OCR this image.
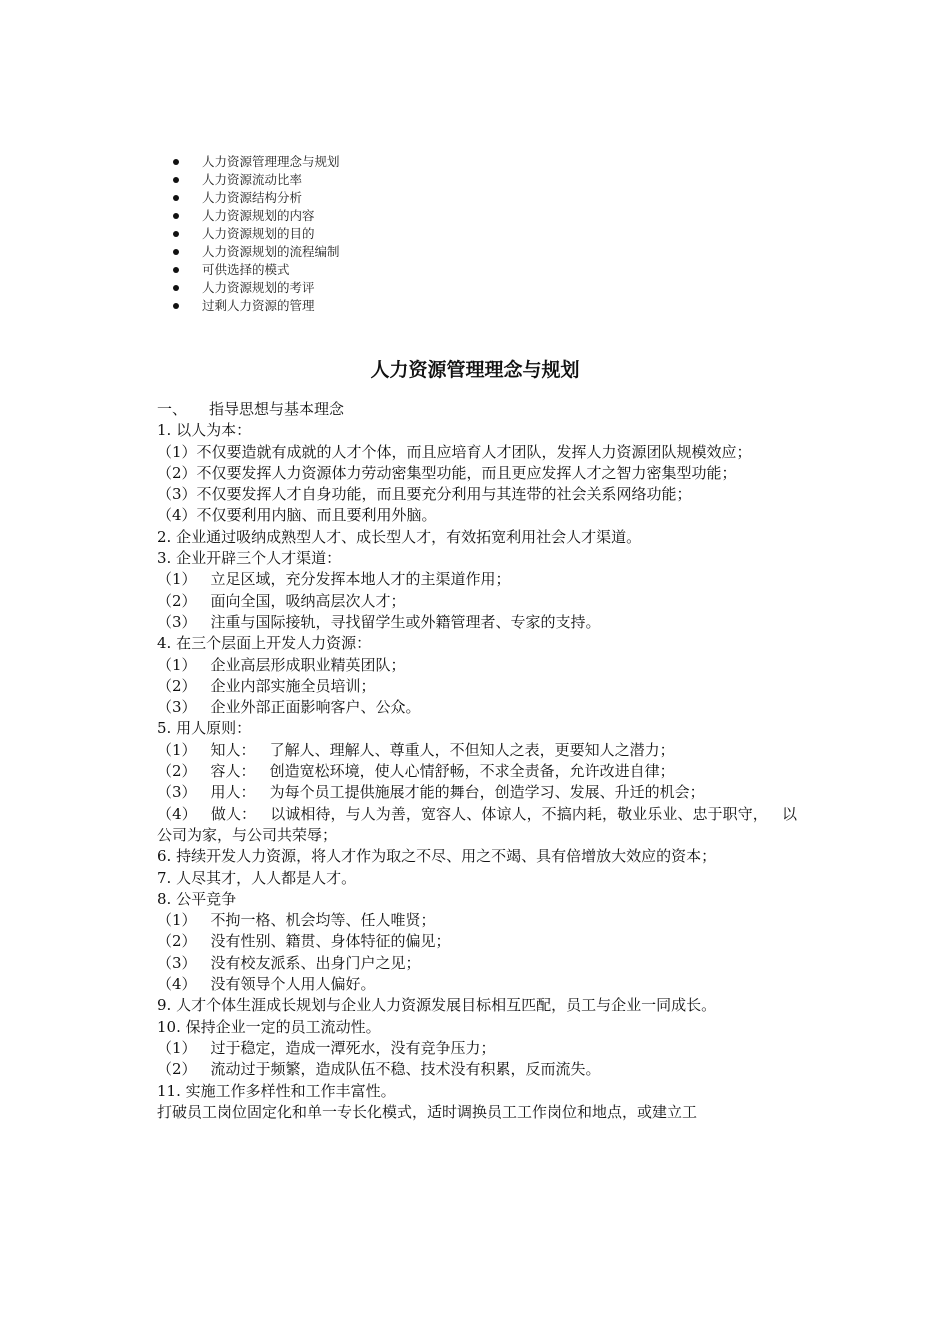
人力资源管理理念与规划
人力资源流动比率
人力资源结构分析
人力资源规划的内容
人力资源规划的目的
人力资源规划的流程编制
可供选择的模式
人力资源规划的考评
过剩人力资源的管理
人力资源管理理念与规划

一、 指导思想与基本理念

1. 以人为本：

（1）不仅要造就有成就的人才个体，而且应培育人才团队，发挥人力资源团队规模效应；

（2）不仅要发挥人力资源体力劳动密集型功能，而且更应发挥人才之智力密集型功能；

（3）不仅要发挥人才自身功能，而且要充分利用与其连带的社会关系网络功能；

（4）不仅要利用内脑、而且要利用外脑。

2. 企业通过吸纳成熟型人才、成长型人才，有效拓宽利用社会人才渠道。

3. 企业开辟三个人才渠道：

（1） 立足区域，充分发挥本地人才的主渠道作用；

（2） 面向全国，吸纳高层次人才；

（3） 注重与国际接轨，寻找留学生或外籍管理者、专家的支持。

4. 在三个层面上开发人力资源：

（1） 企业高层形成职业精英团队；

（2） 企业内部实施全员培训；

（3） 企业外部正面影响客户、公众。

5. 用人原则：

（1） 知人： 了解人、理解人、尊重人，不但知人之表，更要知人之潜力；

（2） 容人： 创造宽松环境，使人心情舒畅，不求全责备，允许改进自律；

（3） 用人： 为每个员工提供施展才能的舞台，创造学习、发展、升迁的机会；

（4） 做人： 以诚相待，与人为善，宽容人、体谅人，不搞内耗，敬业乐业、忠于职守， 以公司为家，与公司共荣辱；

6. 持续开发人力资源，将人才作为取之不尽、用之不竭、具有倍增放大效应的资本；

7. 人尽其才，人人都是人才。

8. 公平竞争

（1） 不拘一格、机会均等、任人唯贤；

（2） 没有性别、籍贯、身体特征的偏见；

（3） 没有校友派系、出身门户之见；

（4） 没有领导个人用人偏好。

9. 人才个体生涯成长规划与企业人力资源发展目标相互匹配，员工与企业一同成长。

10. 保持企业一定的员工流动性。

（1） 过于稳定，造成一潭死水，没有竞争压力；

（2） 流动过于频繁，造成队伍不稳、技术没有积累，反而流失。

11. 实施工作多样性和工作丰富性。

打破员工岗位固定化和单一专长化模式，适时调换员工工作岗位和地点，或建立工
